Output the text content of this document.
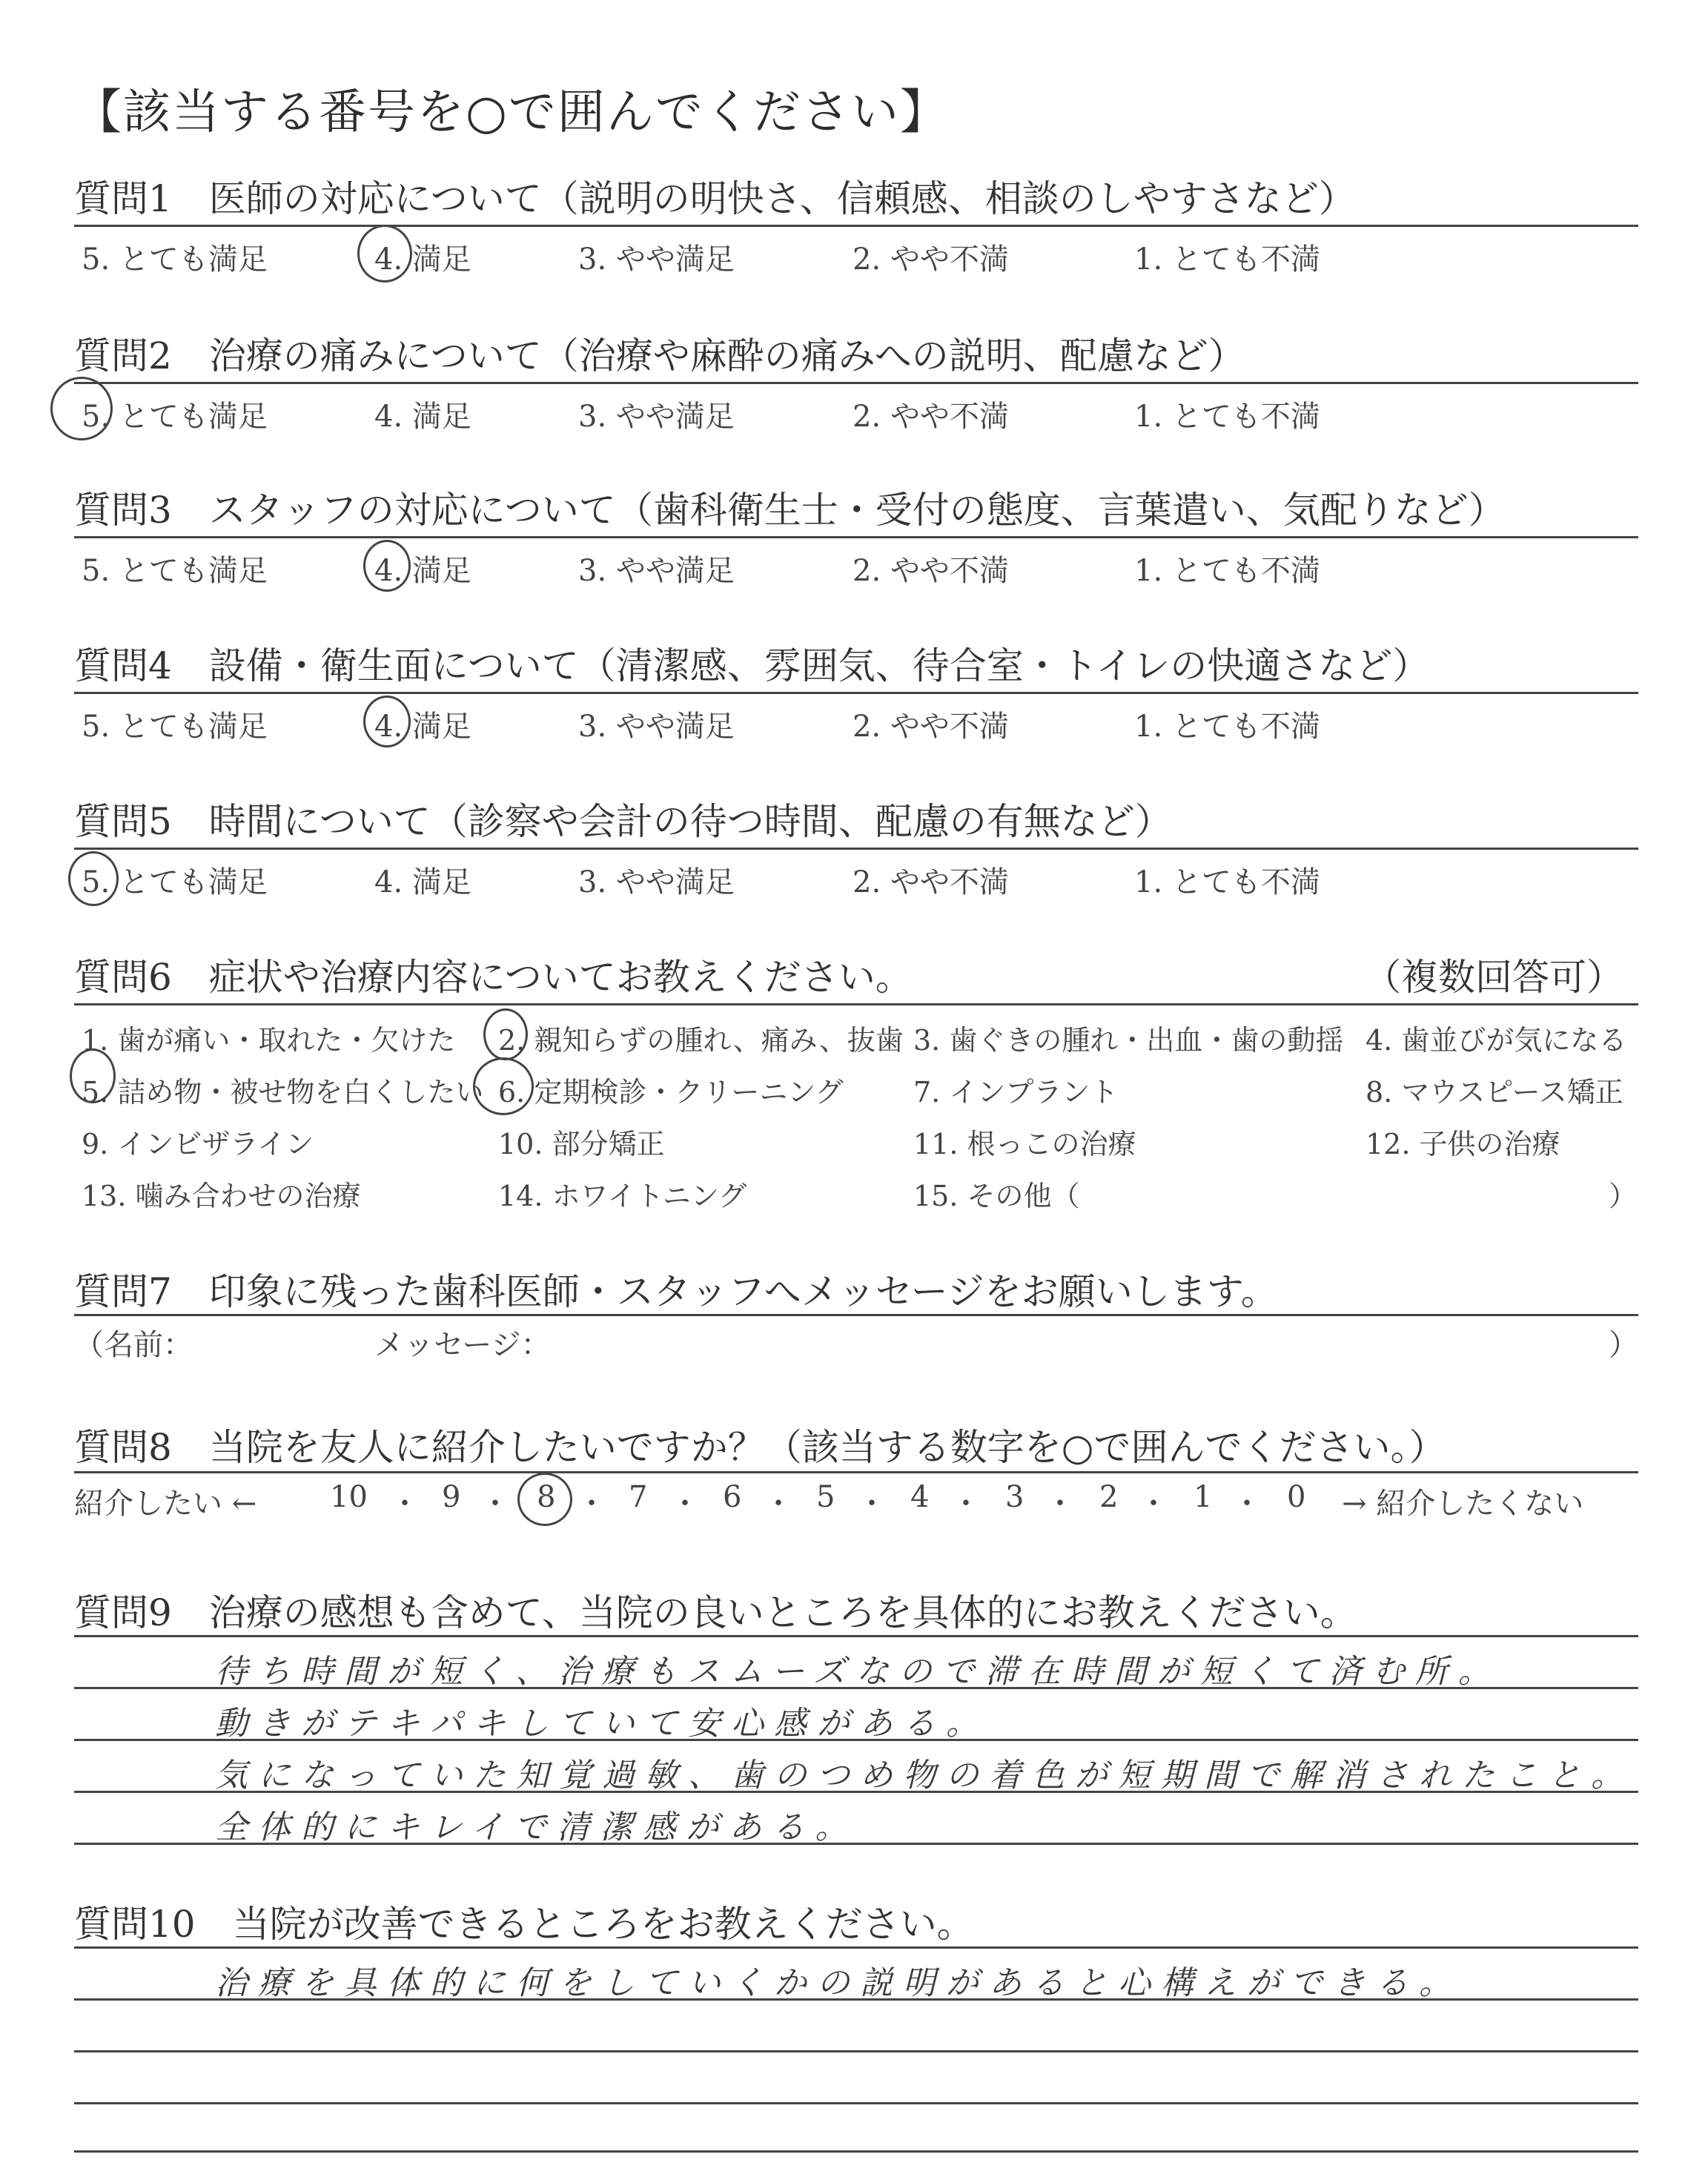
【該当する番号を○で囲んでください】
質問1　医師の対応について（説明の明快さ、信頼感、相談のしやすさなど）
5. とても満足	4. 満足	3. やや満足	2. やや不満	1. とても不満
質問2　治療の痛みについて（治療や麻酔の痛みへの説明、配慮など）
5. とても満足	4. 満足	3. やや満足	2. やや不満	1. とても不満
質問3　スタッフの対応について（歯科衛生士・受付の態度、言葉遣い、気配りなど）
5. とても満足	4. 満足	3. やや満足	2. やや不満	1. とても不満
質問4　設備・衛生面について（清潔感、雰囲気、待合室・トイレの快適さなど）
5. とても満足	4. 満足	3. やや満足	2. やや不満	1. とても不満
質問5　時間について（診察や会計の待つ時間、配慮の有無など）
5. とても満足	4. 満足	3. やや満足	2. やや不満	1. とても不満
質問6　症状や治療内容についてお教えください。	（複数回答可）
1. 歯が痛い・取れた・欠けた 2. 親知らずの腫れ、痛み、抜歯 3. 歯ぐきの腫れ・出血・歯の動揺 4. 歯並びが気になる
5. 詰め物・被せ物を白くしたい 6. 定期検診・クリーニング 7. インプラント	8. マウスピース矯正
9. インビザライン	10. 部分矯正	11. 根っこの治療	12. 子供の治療
13. 噛み合わせの治療	14. ホワイトニング	15. その他（	）
質問7　印象に残った歯科医師・スタッフへメッセージをお願いします。
（名前：	メッセージ：	）
質問8　当院を友人に紹介したいですか？（該当する数字を○で囲んでください。）
紹介したい ←	→ 紹介したくない
10 ・ 9 ・ 8 ・ 7 ・ 6 ・ 5 ・ 4 ・ 3 ・ 2 ・ 1 ・ 0
質問9　治療の感想も含めて、当院の良いところを具体的にお教えください。
待ち時間が短く、治療もスムーズなので滞在時間が短くて済む所。
動きがテキパキしていて安心感がある。
気になっていた知覚過敏、歯のつめ物の着色が短期間で解消されたこと。
全体的にキレイで清潔感がある。
質問10　当院が改善できるところをお教えください。
治療を具体的に何をしていくかの説明があると心構えができる。
